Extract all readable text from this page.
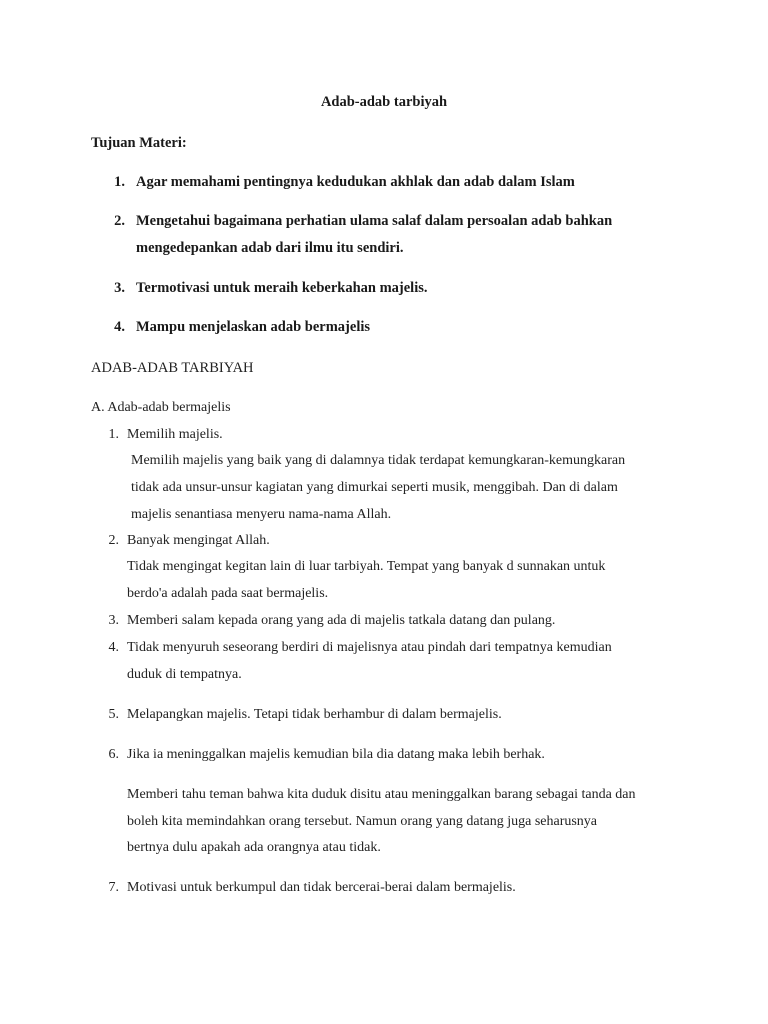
Adab-adab tarbiyah
Tujuan Materi:
1. Agar memahami pentingnya kedudukan akhlak dan adab dalam Islam
2. Mengetahui bagaimana perhatian ulama salaf dalam persoalan adab bahkan
mengedepankan adab dari ilmu itu sendiri.
3. Termotivasi untuk meraih keberkahan majelis.
4. Mampu menjelaskan adab bermajelis
ADAB-ADAB TARBIYAH
A. Adab-adab bermajelis
1. Memilih majelis.
Memilih majelis yang baik yang di dalamnya tidak terdapat kemungkaran-kemungkaran
tidak ada unsur-unsur kagiatan yang dimurkai seperti musik, menggibah. Dan di dalam
majelis senantiasa menyeru nama-nama Allah.
2. Banyak mengingat Allah.
Tidak mengingat kegitan lain di luar tarbiyah. Tempat yang banyak d sunnakan untuk
berdo'a adalah pada saat bermajelis.
3. Memberi salam kepada orang yang ada di majelis tatkala datang dan pulang.
4. Tidak menyuruh seseorang berdiri di majelisnya atau pindah dari tempatnya kemudian
duduk di tempatnya.
5. Melapangkan majelis. Tetapi tidak berhambur di dalam bermajelis.
6. Jika ia meninggalkan majelis kemudian bila dia datang maka lebih berhak.
Memberi tahu teman bahwa kita duduk disitu atau meninggalkan barang sebagai tanda dan
boleh kita memindahkan orang tersebut. Namun orang yang datang juga seharusnya
bertnya dulu apakah ada orangnya atau tidak.
7. Motivasi untuk berkumpul dan tidak bercerai-berai dalam bermajelis.
